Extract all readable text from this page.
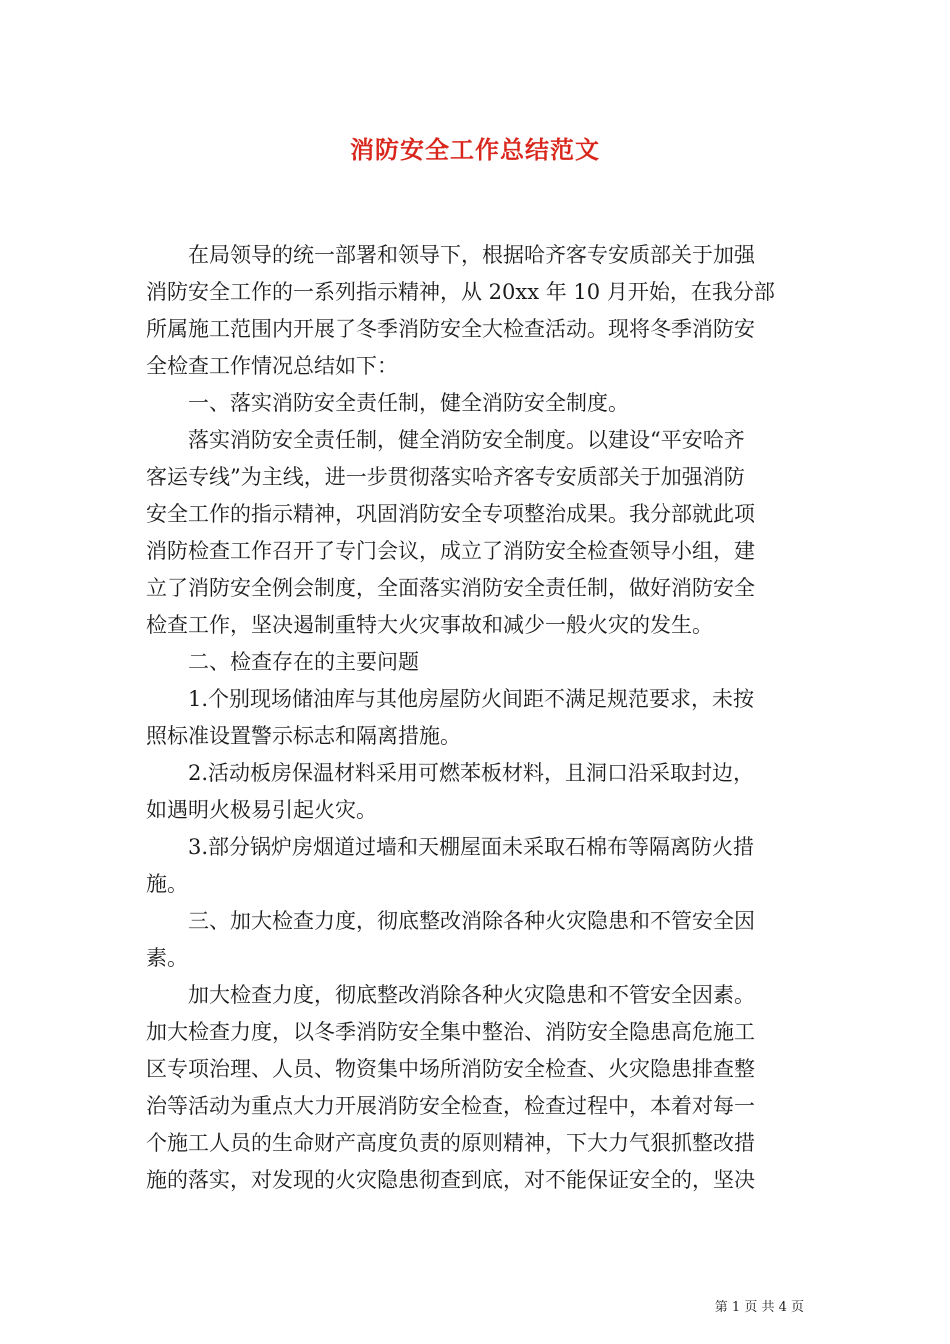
消防安全工作总结范文
在局领导的统一部署和领导下，根据哈齐客专安质部关于加强
消防安全工作的一系列指示精神，从 20xx 年 10 月开始，在我分部
所属施工范围内开展了冬季消防安全大检查活动。现将冬季消防安
全检查工作情况总结如下：
一、落实消防安全责任制，健全消防安全制度。
落实消防安全责任制，健全消防安全制度。以建设“平安哈齐
客运专线”为主线，进一步贯彻落实哈齐客专安质部关于加强消防
安全工作的指示精神，巩固消防安全专项整治成果。我分部就此项
消防检查工作召开了专门会议，成立了消防安全检查领导小组，建
立了消防安全例会制度，全面落实消防安全责任制，做好消防安全
检查工作，坚决遏制重特大火灾事故和减少一般火灾的发生。
二、检查存在的主要问题
1.个别现场储油库与其他房屋防火间距不满足规范要求，未按
照标准设置警示标志和隔离措施。
2.活动板房保温材料采用可燃苯板材料，且洞口沿采取封边，
如遇明火极易引起火灾。
3.部分锅炉房烟道过墙和天棚屋面未采取石棉布等隔离防火措
施。
三、加大检查力度，彻底整改消除各种火灾隐患和不管安全因
素。
加大检查力度，彻底整改消除各种火灾隐患和不管安全因素。
加大检查力度，以冬季消防安全集中整治、消防安全隐患高危施工
区专项治理、人员、物资集中场所消防安全检查、火灾隐患排查整
治等活动为重点大力开展消防安全检查，检查过程中，本着对每一
个施工人员的生命财产高度负责的原则精神，下大力气狠抓整改措
施的落实，对发现的火灾隐患彻查到底，对不能保证安全的，坚决
第 1 页 共 4 页
